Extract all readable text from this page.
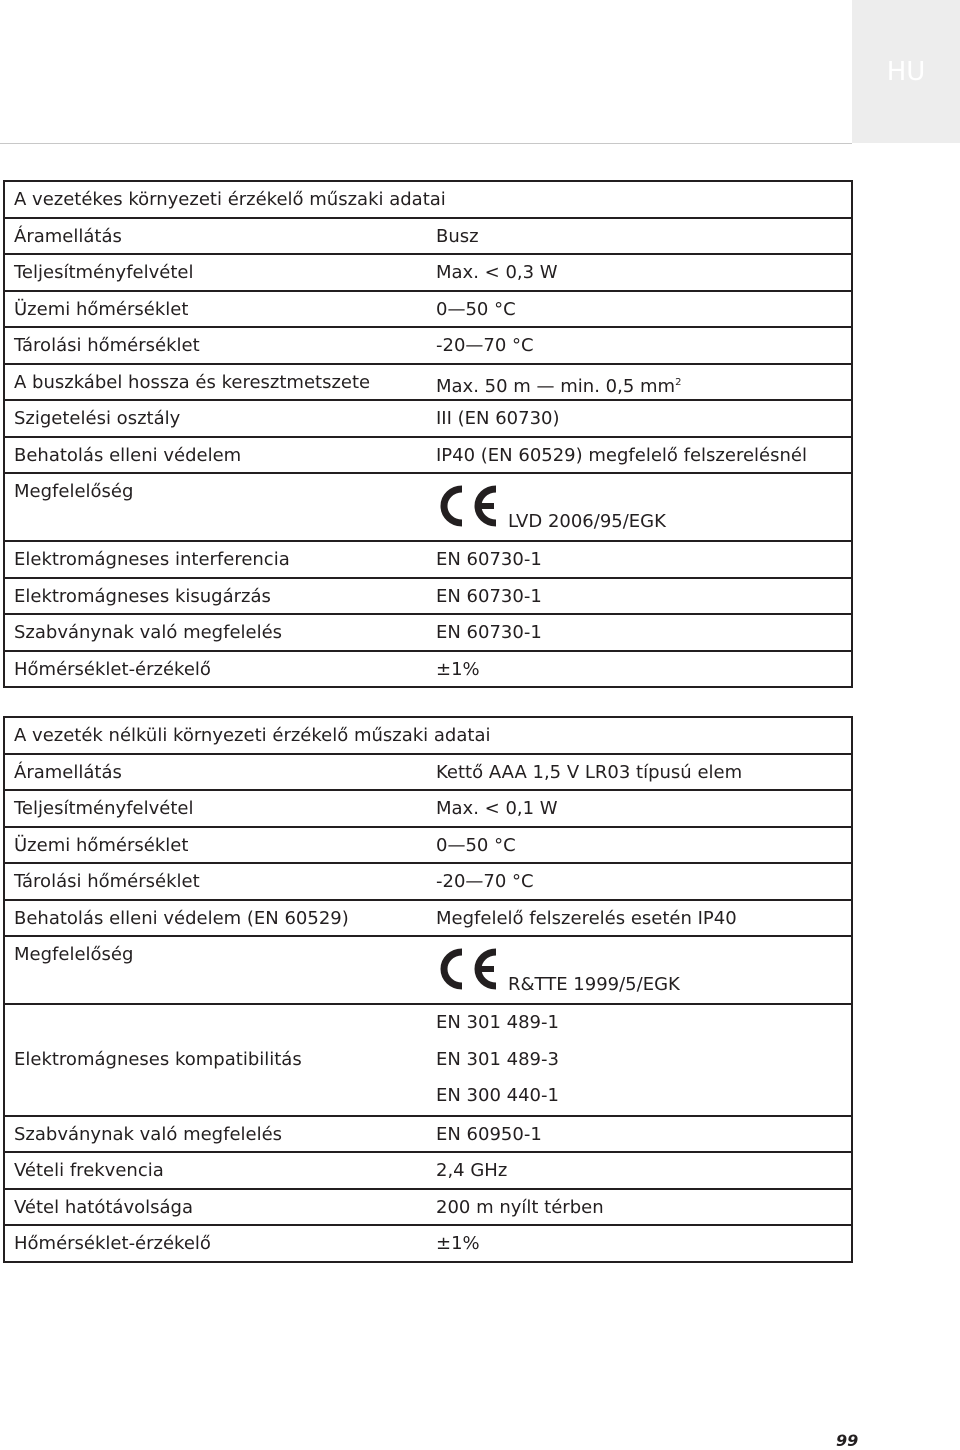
HU
A vezetékes környezeti érzékelő műszaki adatai	
Áramellátás	Busz
Teljesítményfelvétel	Max. < 0,3 W
Üzemi hőmérséklet	0—50 °C
Tárolási hőmérséklet	-20—70 °C
A buszkábel hossza és keresztmetszete	Max. 50 m — min. 0,5 $mm^2$
Szigetelési osztály	III (EN 60730)
Behatolás elleni védelem	IP40 (EN 60529) megfelelő felszerelésnél
Megfelelőség	LVD 2006/95/EGK
Elektromágneses interferencia	EN 60730-1
Elektromágneses kisugárzás	EN 60730-1
Szabványnak való megfelelés	EN 60730-1
Hőmérséklet-érzékelő	±1%
A vezeték nélküli környezeti érzékelő műszaki adatai	
Áramellátás	Kettő AAA 1,5 V LR03 típusú elem
Teljesítményfelvétel	Max. < 0,1 W
Üzemi hőmérséklet	0—50 °C
Tárolási hőmérséklet	-20—70 °C
Behatolás elleni védelem (EN 60529)	Megfelelő felszerelés esetén IP40
Megfelelőség	R&TTE 1999/5/EGK
Elektromágneses kompatibilitás	EN 301 489-1
EN 301 489-3
EN 300 440-1

Szabványnak való megfelelés	EN 60950-1
Vételi frekvencia	2,4 GHz
Vétel hatótávolsága	200 m nyílt térben
Hőmérséklet-érzékelő	±1%
99
